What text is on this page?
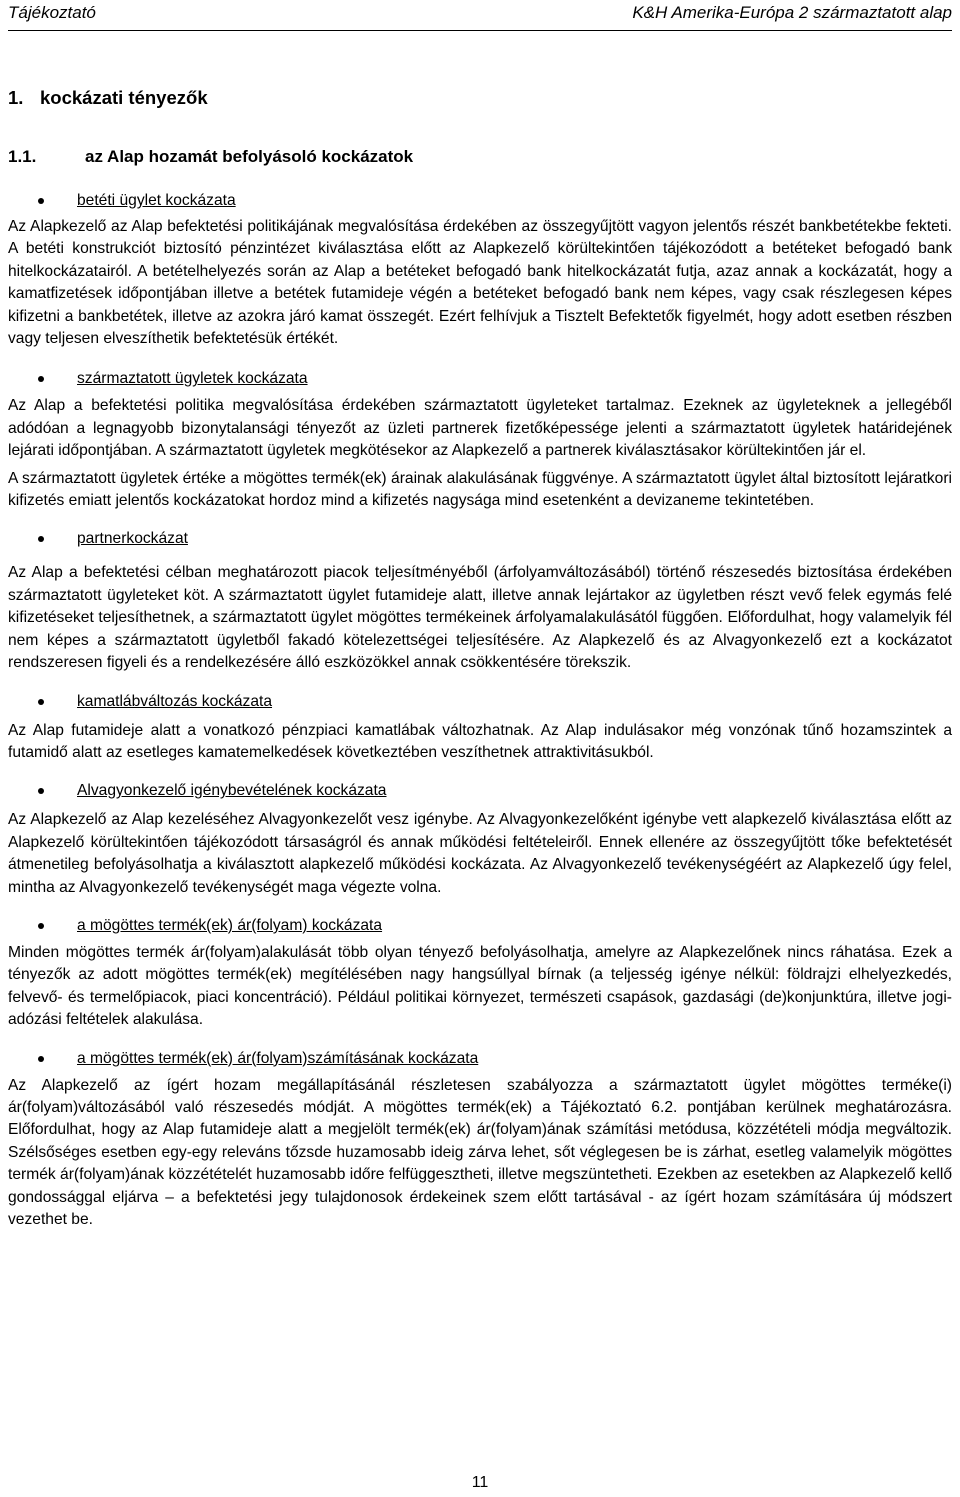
Tájékoztató	K&H Amerika-Európa 2 származtatott alap
1. kockázati tényezők
1.1.	az Alap hozamát befolyásoló kockázatok
betéti ügylet kockázata

Az Alapkezelő az Alap befektetési politikájának megvalósítása érdekében az összegyűjtött vagyon jelentős részét bankbetétekbe fekteti. A betéti konstrukciót biztosító pénzintézet kiválasztása előtt az Alapkezelő körültekintően tájékozódott a betéteket befogadó bank hitelkockázatairól. A betételhelyezés során az Alap a betéteket befogadó bank hitelkockázatát futja, azaz annak a kockázatát, hogy a kamatfizetések időpontjában illetve a betétek futamideje végén a betéteket befogadó bank nem képes, vagy csak részlegesen képes kifizetni a bankbetétek, illetve az azokra járó kamat összegét. Ezért felhívjuk a Tisztelt Befektetők figyelmét, hogy adott esetben részben vagy teljesen elveszíthetik befektetésük értékét.

származtatott ügyletek kockázata

Az Alap a befektetési politika megvalósítása érdekében származtatott ügyleteket tartalmaz. Ezeknek az ügyleteknek a jellegéből adódóan a legnagyobb bizonytalansági tényezőt az üzleti partnerek fizetőképessége jelenti a származtatott ügyletek határidejének lejárati időpontjában. A származtatott ügyletek megkötésekor az Alapkezelő a partnerek kiválasztásakor körültekintően jár el.

A származtatott ügyletek értéke a mögöttes termék(ek) árainak alakulásának függvénye. A származtatott ügylet által biztosított lejáratkori kifizetés emiatt jelentős kockázatokat hordoz mind a kifizetés nagysága mind esetenként a devizaneme tekintetében.

partnerkockázat

Az Alap a befektetési célban meghatározott piacok teljesítményéből (árfolyamváltozásából) történő részesedés biztosítása érdekében származtatott ügyleteket köt. A származtatott ügylet futamideje alatt, illetve annak lejártakor az ügyletben részt vevő felek egymás felé kifizetéseket teljesíthetnek, a származtatott ügylet mögöttes termékeinek árfolyamalakulásától függően. Előfordulhat, hogy valamelyik fél nem képes a származtatott ügyletből fakadó kötelezettségei teljesítésére. Az Alapkezelő és az Alvagyonkezelő ezt a kockázatot rendszeresen figyeli és a rendelkezésére álló eszközökkel annak csökkentésére törekszik.

kamatlábváltozás kockázata

Az Alap futamideje alatt a vonatkozó pénzpiaci kamatlábak változhatnak. Az Alap indulásakor még vonzónak tűnő hozamszintek a futamidő alatt az esetleges kamatemelkedések következtében veszíthetnek attraktivitásukból.

Alvagyonkezelő igénybevételének kockázata

Az Alapkezelő az Alap kezeléséhez Alvagyonkezelőt vesz igénybe. Az Alvagyonkezelőként igénybe vett alapkezelő kiválasztása előtt az Alapkezelő körültekintően tájékozódott társaságról és annak működési feltételeiről. Ennek ellenére az összegyűjtött tőke befektetését átmenetileg befolyásolhatja a kiválasztott alapkezelő működési kockázata. Az Alvagyonkezelő tevékenységéért az Alapkezelő úgy felel, mintha az Alvagyonkezelő tevékenységét maga végezte volna.

a mögöttes termék(ek) ár(folyam) kockázata

Minden mögöttes termék ár(folyam)alakulását több olyan tényező befolyásolhatja, amelyre az Alapkezelőnek nincs ráhatása. Ezek a tényezők az adott mögöttes termék(ek) megítélésében nagy hangsúllyal bírnak (a teljesség igénye nélkül: földrajzi elhelyezkedés, felvevő- és termelőpiacok, piaci koncentráció). Például politikai környezet, természeti csapások, gazdasági (de)konjunktúra, illetve jogi-adózási feltételek alakulása.

a mögöttes termék(ek) ár(folyam)számításának kockázata

Az Alapkezelő az ígért hozam megállapításánál részletesen szabályozza a származtatott ügylet mögöttes terméke(i) ár(folyam)változásából való részesedés módját. A mögöttes termék(ek) a Tájékoztató 6.2. pontjában kerülnek meghatározásra. Előfordulhat, hogy az Alap futamideje alatt a megjelölt termék(ek) ár(folyam)ának számítási metódusa, közzétételi módja megváltozik. Szélsőséges esetben egy-egy releváns tőzsde huzamosabb ideig zárva lehet, sőt véglegesen be is zárhat, esetleg valamelyik mögöttes termék ár(folyam)ának közzétételét huzamosabb időre felfüggesztheti, illetve megszüntetheti. Ezekben az esetekben az Alapkezelő kellő gondossággal eljárva – a befektetési jegy tulajdonosok érdekeinek szem előtt tartásával - az ígért hozam számítására új módszert vezethet be.

11
